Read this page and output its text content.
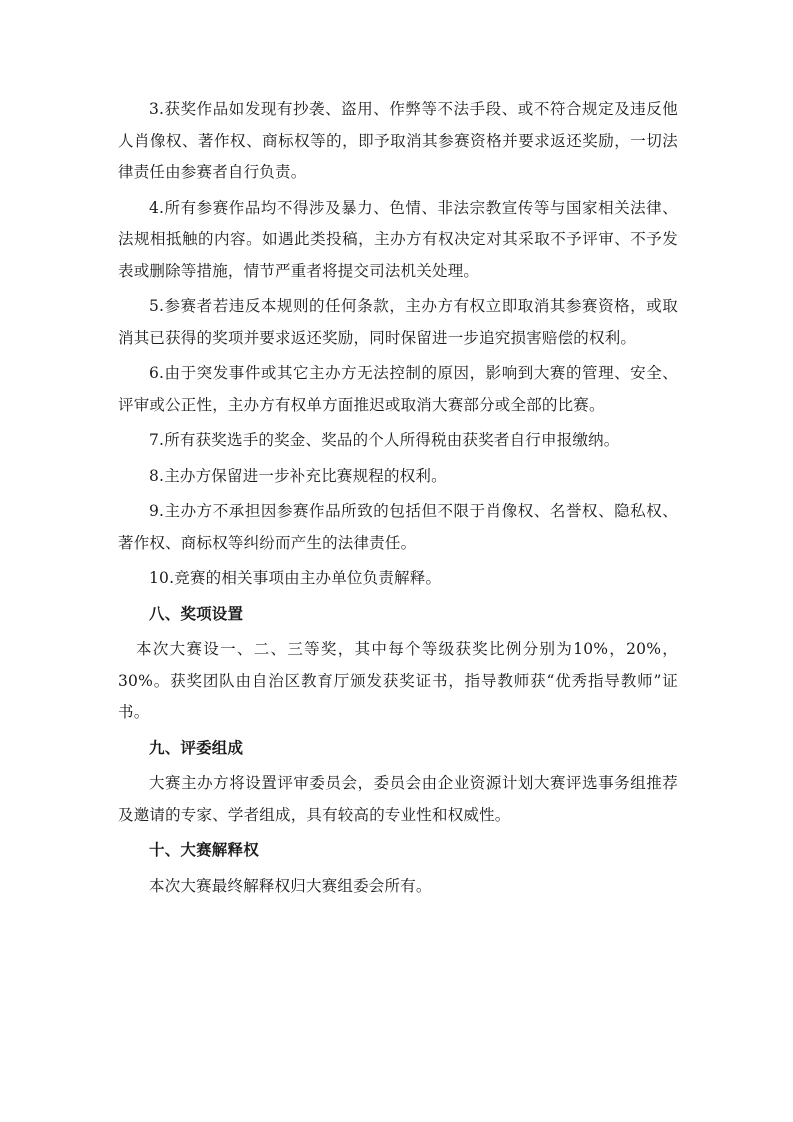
3.获奖作品如发现有抄袭、盗用、作弊等不法手段、或不符合规定及违反他人肖像权、著作权、商标权等的，即予取消其参赛资格并要求返还奖励，一切法律责任由参赛者自行负责。

4.所有参赛作品均不得涉及暴力、色情、非法宗教宣传等与国家相关法律、法规相抵触的内容。如遇此类投稿，主办方有权决定对其采取不予评审、不予发表或删除等措施，情节严重者将提交司法机关处理。

5.参赛者若违反本规则的任何条款，主办方有权立即取消其参赛资格，或取消其已获得的奖项并要求返还奖励，同时保留进一步追究损害赔偿的权利。

6.由于突发事件或其它主办方无法控制的原因，影响到大赛的管理、安全、评审或公正性，主办方有权单方面推迟或取消大赛部分或全部的比赛。

7.所有获奖选手的奖金、奖品的个人所得税由获奖者自行申报缴纳。

8.主办方保留进一步补充比赛规程的权利。

9.主办方不承担因参赛作品所致的包括但不限于肖像权、名誉权、隐私权、著作权、商标权等纠纷而产生的法律责任。

10.竞赛的相关事项由主办单位负责解释。

八、奖项设置

本次大赛设一、二、三等奖，其中每个等级获奖比例分别为10%，20%，30%。获奖团队由自治区教育厅颁发获奖证书，指导教师获“优秀指导教师”证书。

九、评委组成

大赛主办方将设置评审委员会，委员会由企业资源计划大赛评选事务组推荐及邀请的专家、学者组成，具有较高的专业性和权威性。

十、大赛解释权

本次大赛最终解释权归大赛组委会所有。
